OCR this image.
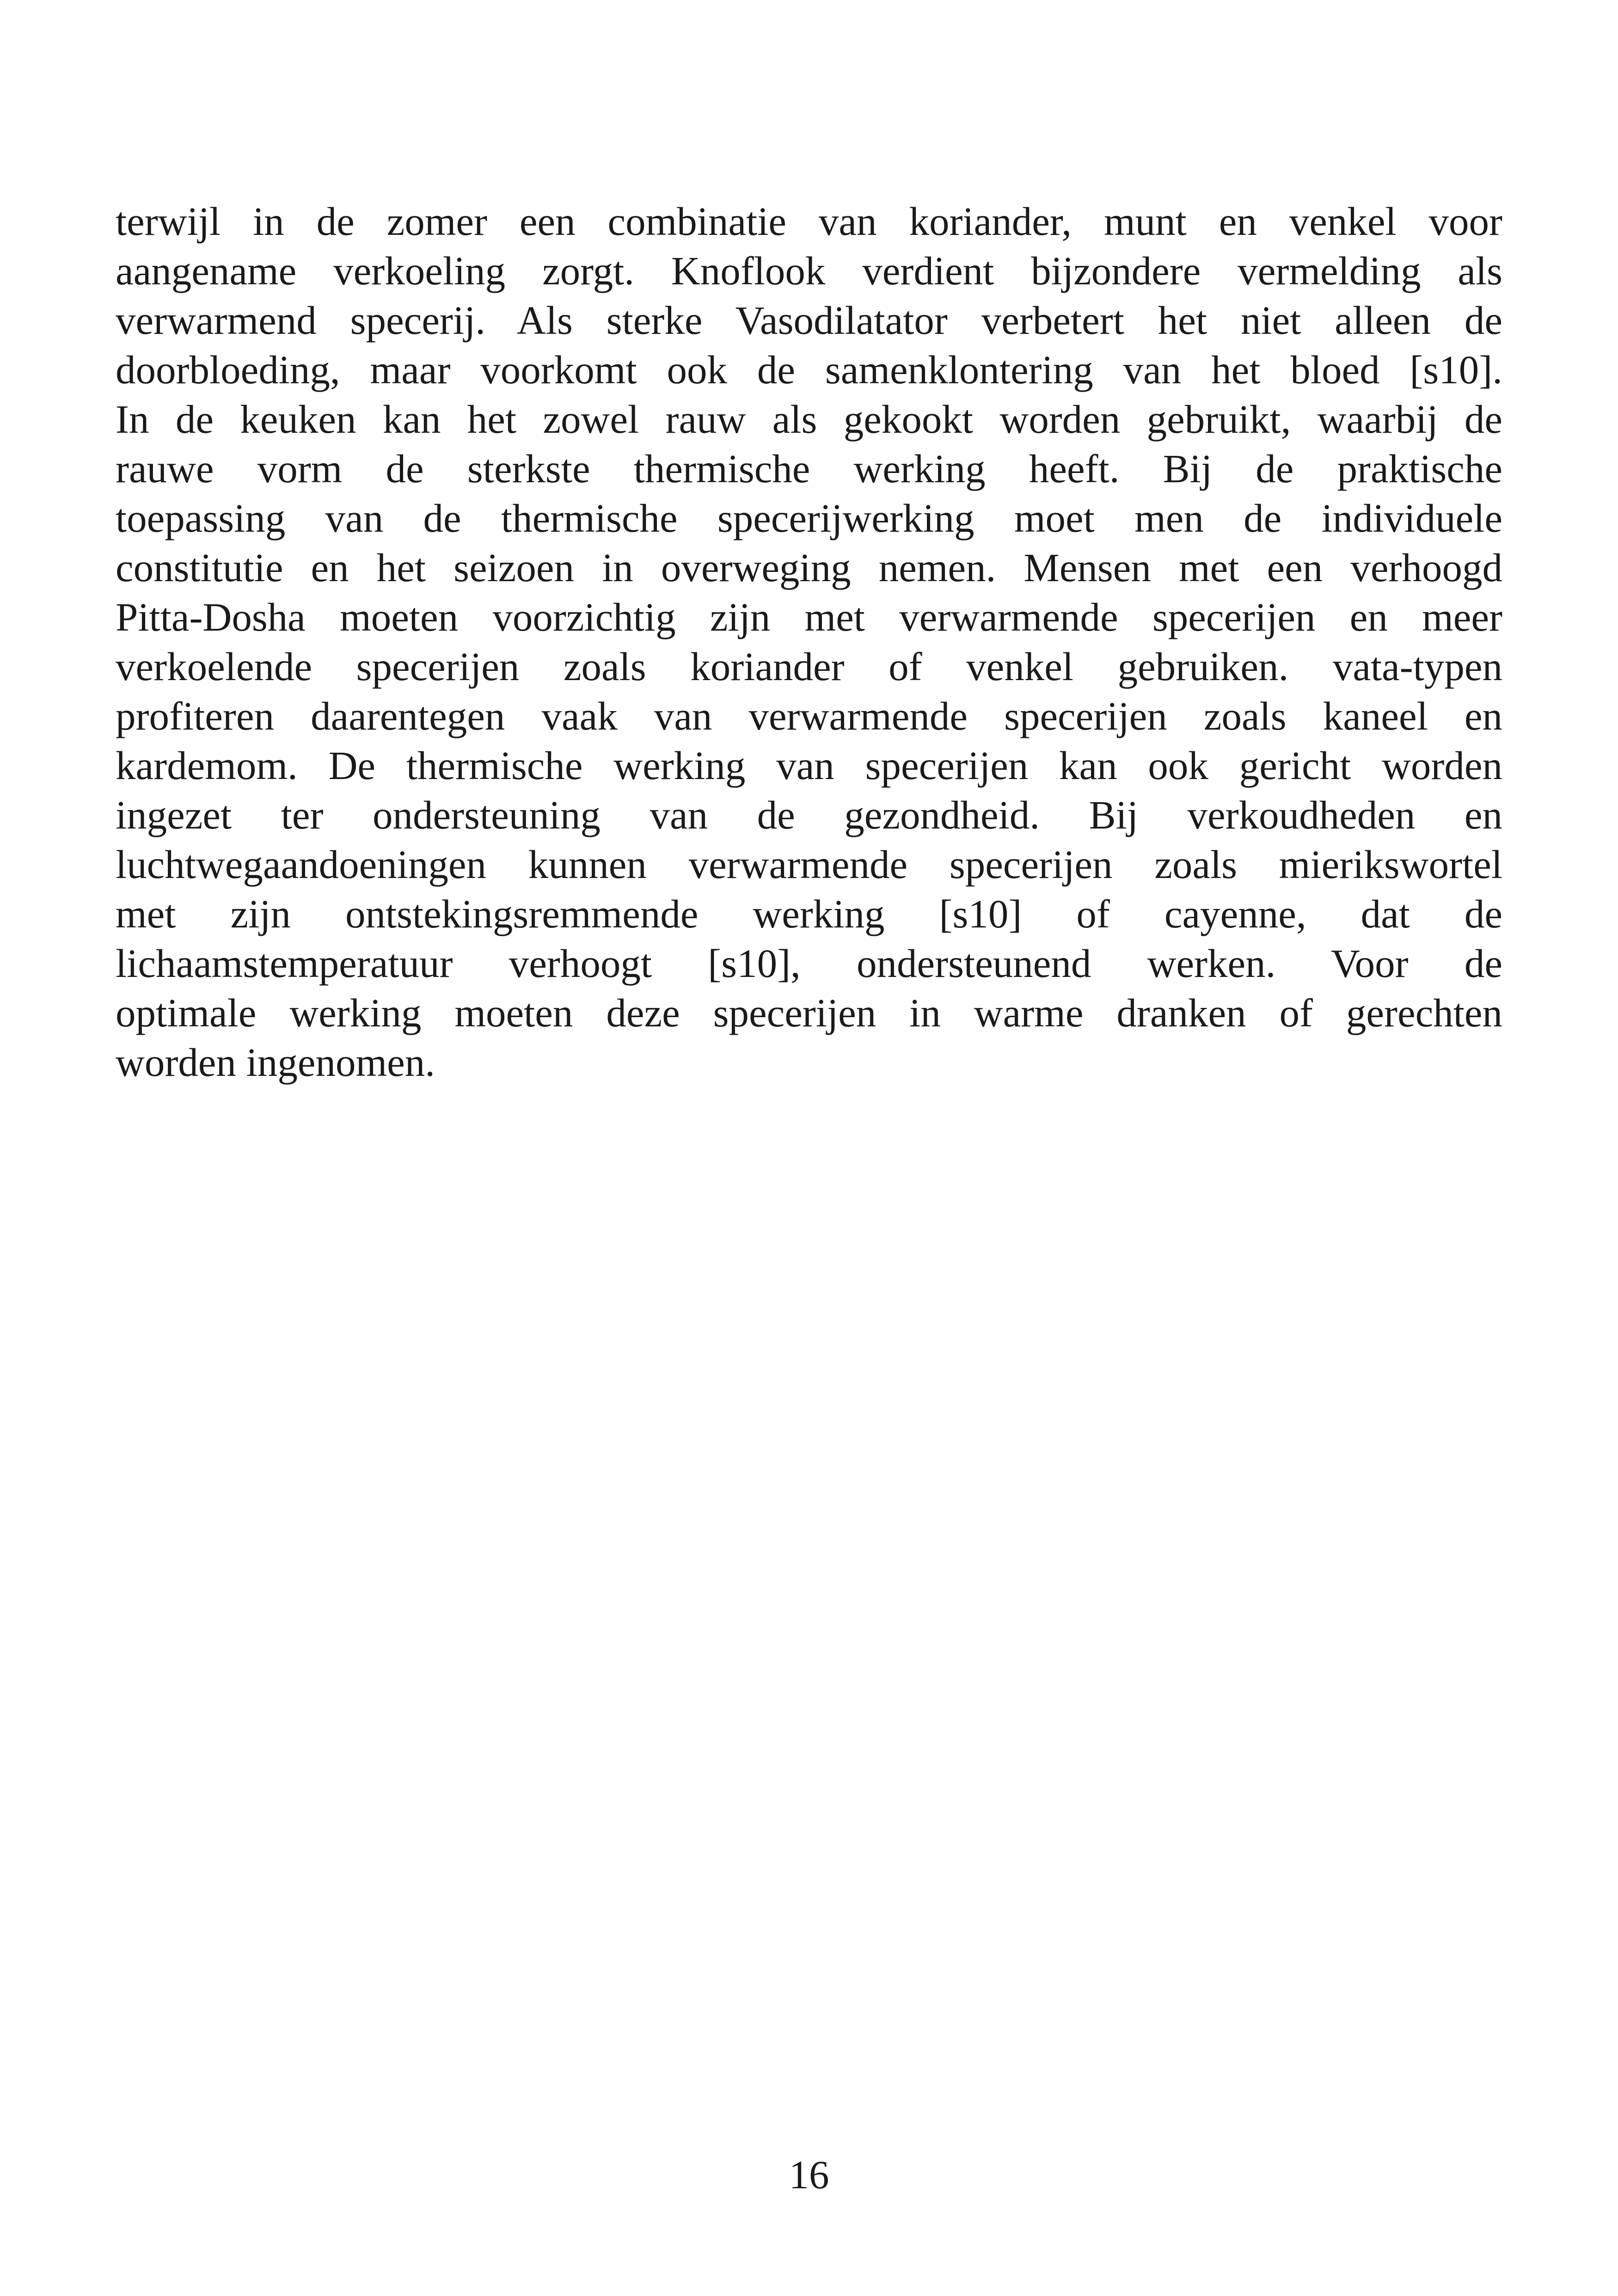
terwijl in de zomer een combinatie van koriander, munt en venkel voor
aangename verkoeling zorgt. Knoflook verdient bijzondere vermelding als
verwarmend specerij. Als sterke Vasodilatator verbetert het niet alleen de
doorbloeding, maar voorkomt ook de samenklontering van het bloed [s10].
In de keuken kan het zowel rauw als gekookt worden gebruikt, waarbij de
rauwe vorm de sterkste thermische werking heeft. Bij de praktische
toepassing van de thermische specerijwerking moet men de individuele
constitutie en het seizoen in overweging nemen. Mensen met een verhoogd
Pitta-Dosha moeten voorzichtig zijn met verwarmende specerijen en meer
verkoelende specerijen zoals koriander of venkel gebruiken. vata-typen
profiteren daarentegen vaak van verwarmende specerijen zoals kaneel en
kardemom. De thermische werking van specerijen kan ook gericht worden
ingezet ter ondersteuning van de gezondheid. Bij verkoudheden en
luchtwegaandoeningen kunnen verwarmende specerijen zoals mierikswortel
met zijn ontstekingsremmende werking [s10] of cayenne, dat de
lichaamstemperatuur verhoogt [s10], ondersteunend werken. Voor de
optimale werking moeten deze specerijen in warme dranken of gerechten
worden ingenomen.

16
